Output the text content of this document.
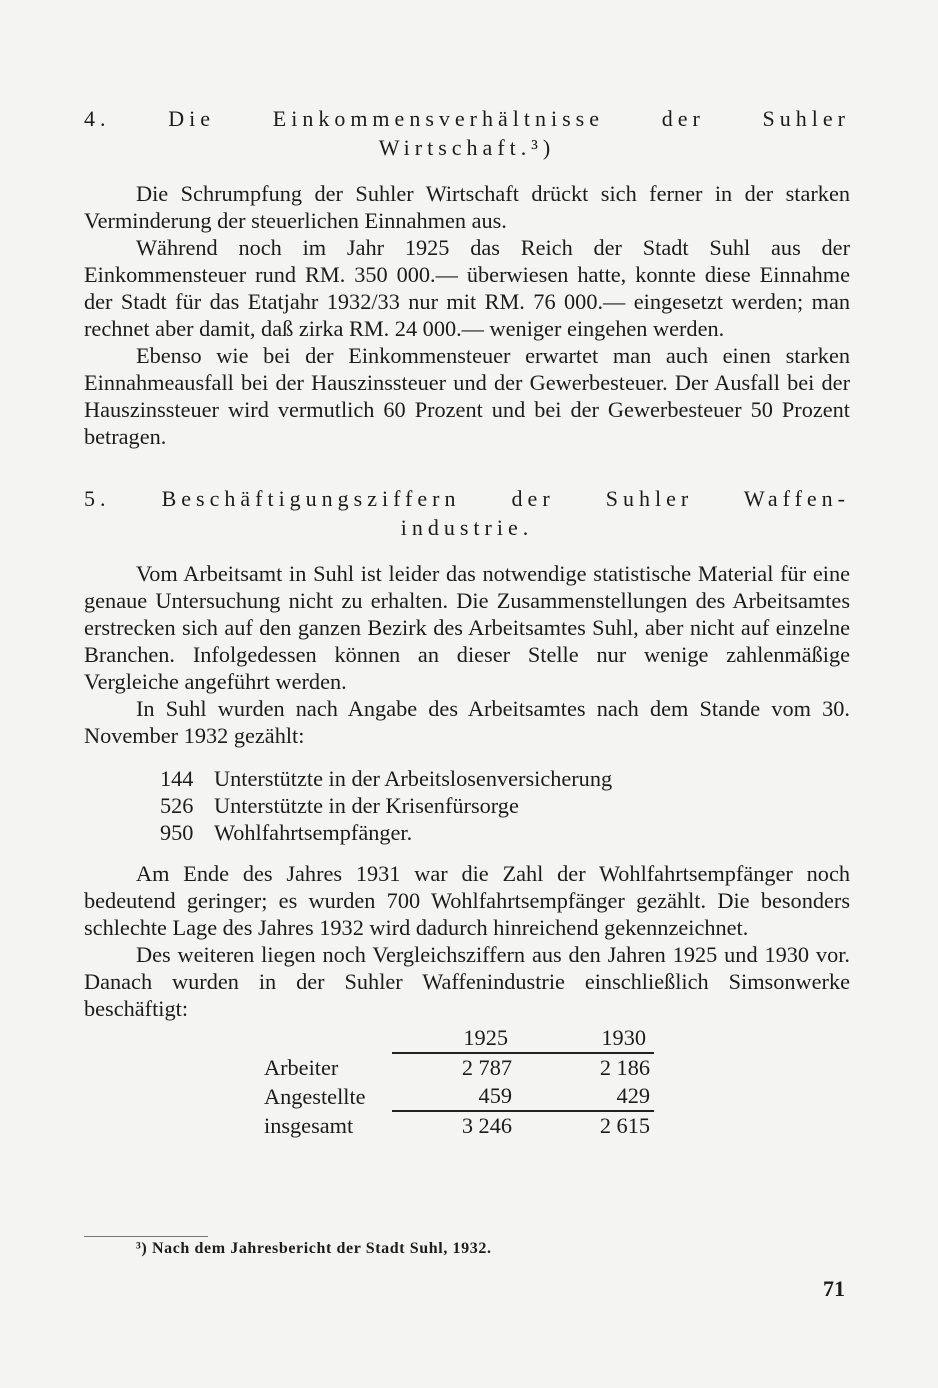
4. Die Einkommensverhältnisse der Suhler
Wirtschaft.³)

Die Schrumpfung der Suhler Wirtschaft drückt sich ferner in der starken Verminderung der steuerlichen Einnahmen aus.

Während noch im Jahr 1925 das Reich der Stadt Suhl aus der Einkommensteuer rund RM. 350 000.— überwiesen hatte, konnte diese Einnahme der Stadt für das Etatjahr 1932/33 nur mit RM. 76 000.— eingesetzt werden; man rechnet aber damit, daß zirka RM. 24 000.— weniger eingehen werden.

Ebenso wie bei der Einkommensteuer erwartet man auch einen starken Einnahmeausfall bei der Hauszinssteuer und der Gewerbesteuer. Der Ausfall bei der Hauszinssteuer wird vermutlich 60 Prozent und bei der Gewerbesteuer 50 Prozent betragen.

5. Beschäftigungsziffern der Suhler Waffen-
industrie.

Vom Arbeitsamt in Suhl ist leider das notwendige statistische Material für eine genaue Untersuchung nicht zu erhalten. Die Zusammenstellungen des Arbeitsamtes erstrecken sich auf den ganzen Bezirk des Arbeitsamtes Suhl, aber nicht auf einzelne Branchen. Infolgedessen können an dieser Stelle nur wenige zahlenmäßige Vergleiche angeführt werden.

In Suhl wurden nach Angabe des Arbeitsamtes nach dem Stande vom 30. November 1932 gezählt:

144 Unterstützte in der Arbeitslosenversicherung
526 Unterstützte in der Krisenfürsorge
950 Wohlfahrtsempfänger.

Am Ende des Jahres 1931 war die Zahl der Wohlfahrtsempfänger noch bedeutend geringer; es wurden 700 Wohlfahrtsempfänger gezählt. Die besonders schlechte Lage des Jahres 1932 wird dadurch hinreichend gekennzeichnet.

Des weiteren liegen noch Vergleichsziffern aus den Jahren 1925 und 1930 vor. Danach wurden in der Suhler Waffenindustrie einschließlich Simsonwerke beschäftigt:

	1925	1930
Arbeiter	2 787	2 186
Angestellte	459	429
insgesamt	3 246	2 615
³) Nach dem Jahresbericht der Stadt Suhl, 1932.
71
